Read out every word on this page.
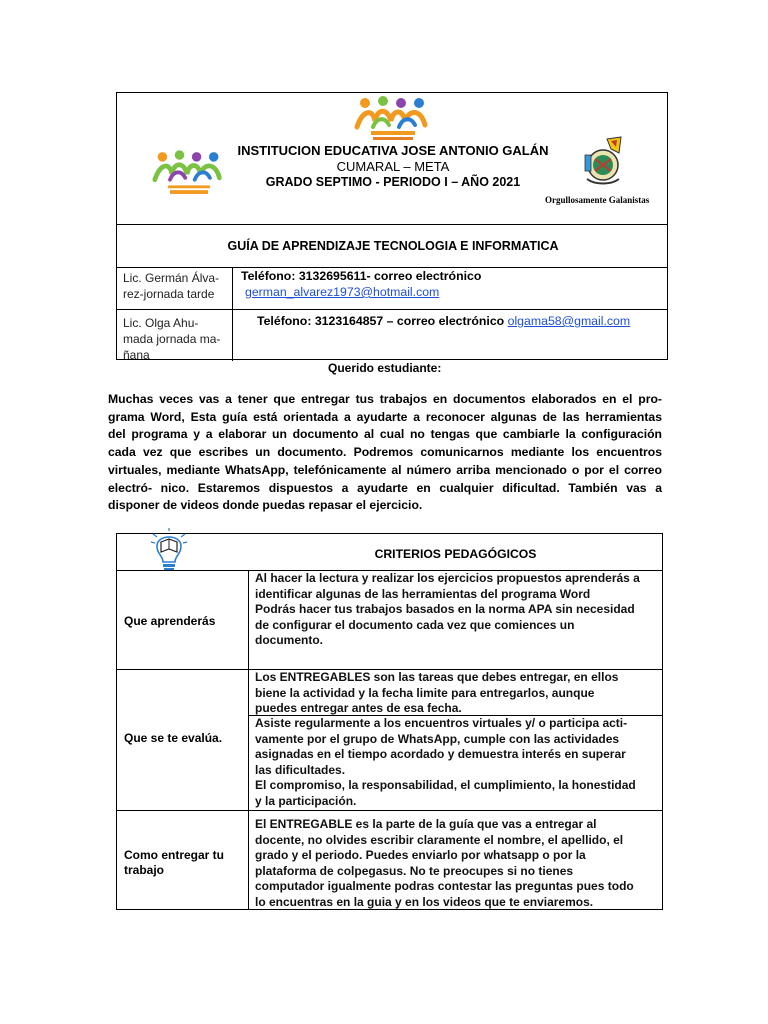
INSTITUCION EDUCATIVA JOSE ANTONIO GALÁN
CUMARAL – META
GRADO SEPTIMO - PERIODO I – AÑO 2021
Orgullosamente Galanistas
GUÍA DE APRENDIZAJE TECNOLOGIA E INFORMATICA
Lic. Germán Álva-
rez-jornada tarde
Teléfono: 3132695611- correo electrónico
german_alvarez1973@hotmail.com
Lic. Olga Ahu-
mada jornada ma-
ñana
Teléfono: 3123164857 – correo electrónico olgama58@gmail.com
Querido estudiante:
Muchas veces vas a tener que entregar tus trabajos en documentos elaborados en el pro-
grama Word, Esta guía está orientada a ayudarte a reconocer algunas de las herramientas
del programa y a elaborar un documento al cual no tengas que cambiarle la configuración
cada vez que escribes un documento. Podremos comunicarnos mediante los encuentros
virtuales, mediante WhatsApp, telefónicamente al número arriba mencionado o por el correo
electró- nico. Estaremos dispuestos a ayudarte en cualquier dificultad. También vas a
disponer de videos donde puedas repasar el ejercicio.
CRITERIOS PEDAGÓGICOS
Que aprenderás
Al hacer la lectura y realizar los ejercicios propuestos aprenderás a
identificar algunas de las herramientas del programa Word
Podrás hacer tus trabajos basados en la norma APA sin necesidad
de configurar el documento cada vez que comiences un
documento.
Que se te evalúa.
Los ENTREGABLES son las tareas que debes entregar, en ellos
biene la actividad y la fecha limite para entregarlos, aunque
puedes entregar antes de esa fecha.
Asiste regularmente a los encuentros virtuales y/ o participa acti-
vamente por el grupo de WhatsApp, cumple con las actividades
asignadas en el tiempo acordado y demuestra interés en superar
las dificultades.
El compromiso, la responsabilidad, el cumplimiento, la honestidad
y la participación.
Como entregar tu
trabajo
El ENTREGABLE es la parte de la guía que vas a entregar al
docente, no olvides escribir claramente el nombre, el apellido, el
grado y el periodo. Puedes enviarlo por whatsapp o por la
plataforma de colpegasus. No te preocupes si no tienes
computador igualmente podras contestar las preguntas pues todo
lo encuentras en la guia y en los videos que te enviaremos.
